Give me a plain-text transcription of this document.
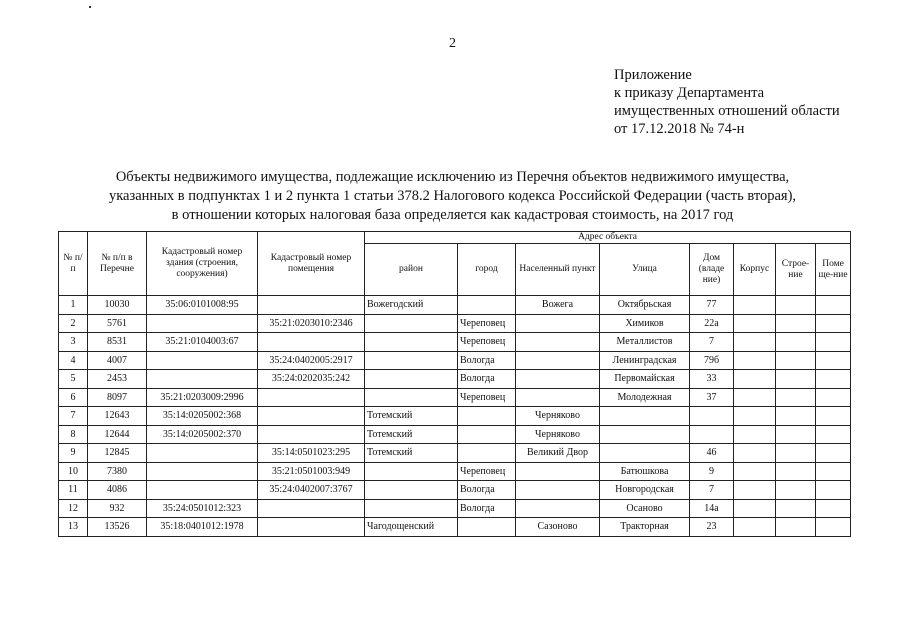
2
Приложение
к приказу Департамента
имущественных отношений области
от 17.12.2018 № 74-н
Объекты недвижимого имущества, подлежащие исключению из Перечня объектов недвижимого имущества,
указанных в подпунктах 1 и 2 пункта 1 статьи 378.2 Налогового кодекса Российской Федерации (часть вторая),
в отношении которых налоговая база определяется как кадастровая стоимость, на 2017 год
№ п/п	№ п/п в Перечне	Кадастровый номер здания (строения, сооружения)	Кадастровый номер помещения	Адрес объекта							
				район	город	Населенный пункт	Улица	Дом (владе ние)	Корпус	Строе-ние	Поме ще-ние
1	10030	35:06:0101008:95		Вожегодский		Вожега	Октябрьская	77			
2	5761		35:21:0203010:2346		Череповец		Химиков	22а			
3	8531	35:21:0104003:67			Череповец		Металлистов	7			
4	4007		35:24:0402005:2917		Вологда		Ленинградская	79б			
5	2453		35:24:0202035:242		Вологда		Первомайская	33			
6	8097	35:21:0203009:2996			Череповец		Молодежная	37			
7	12643	35:14:0205002:368		Тотемский		Черняково					
8	12644	35:14:0205002:370		Тотемский		Черняково					
9	12845		35:14:0501023:295	Тотемский		Великий Двор		46			
10	7380		35:21:0501003:949		Череповец		Батюшкова	9			
11	4086		35:24:0402007:3767		Вологда		Новгородская	7			
12	932	35:24:0501012:323			Вологда		Осаново	14а			
13	13526	35:18:0401012:1978		Чагодощенский		Сазоново	Тракторная	23			
